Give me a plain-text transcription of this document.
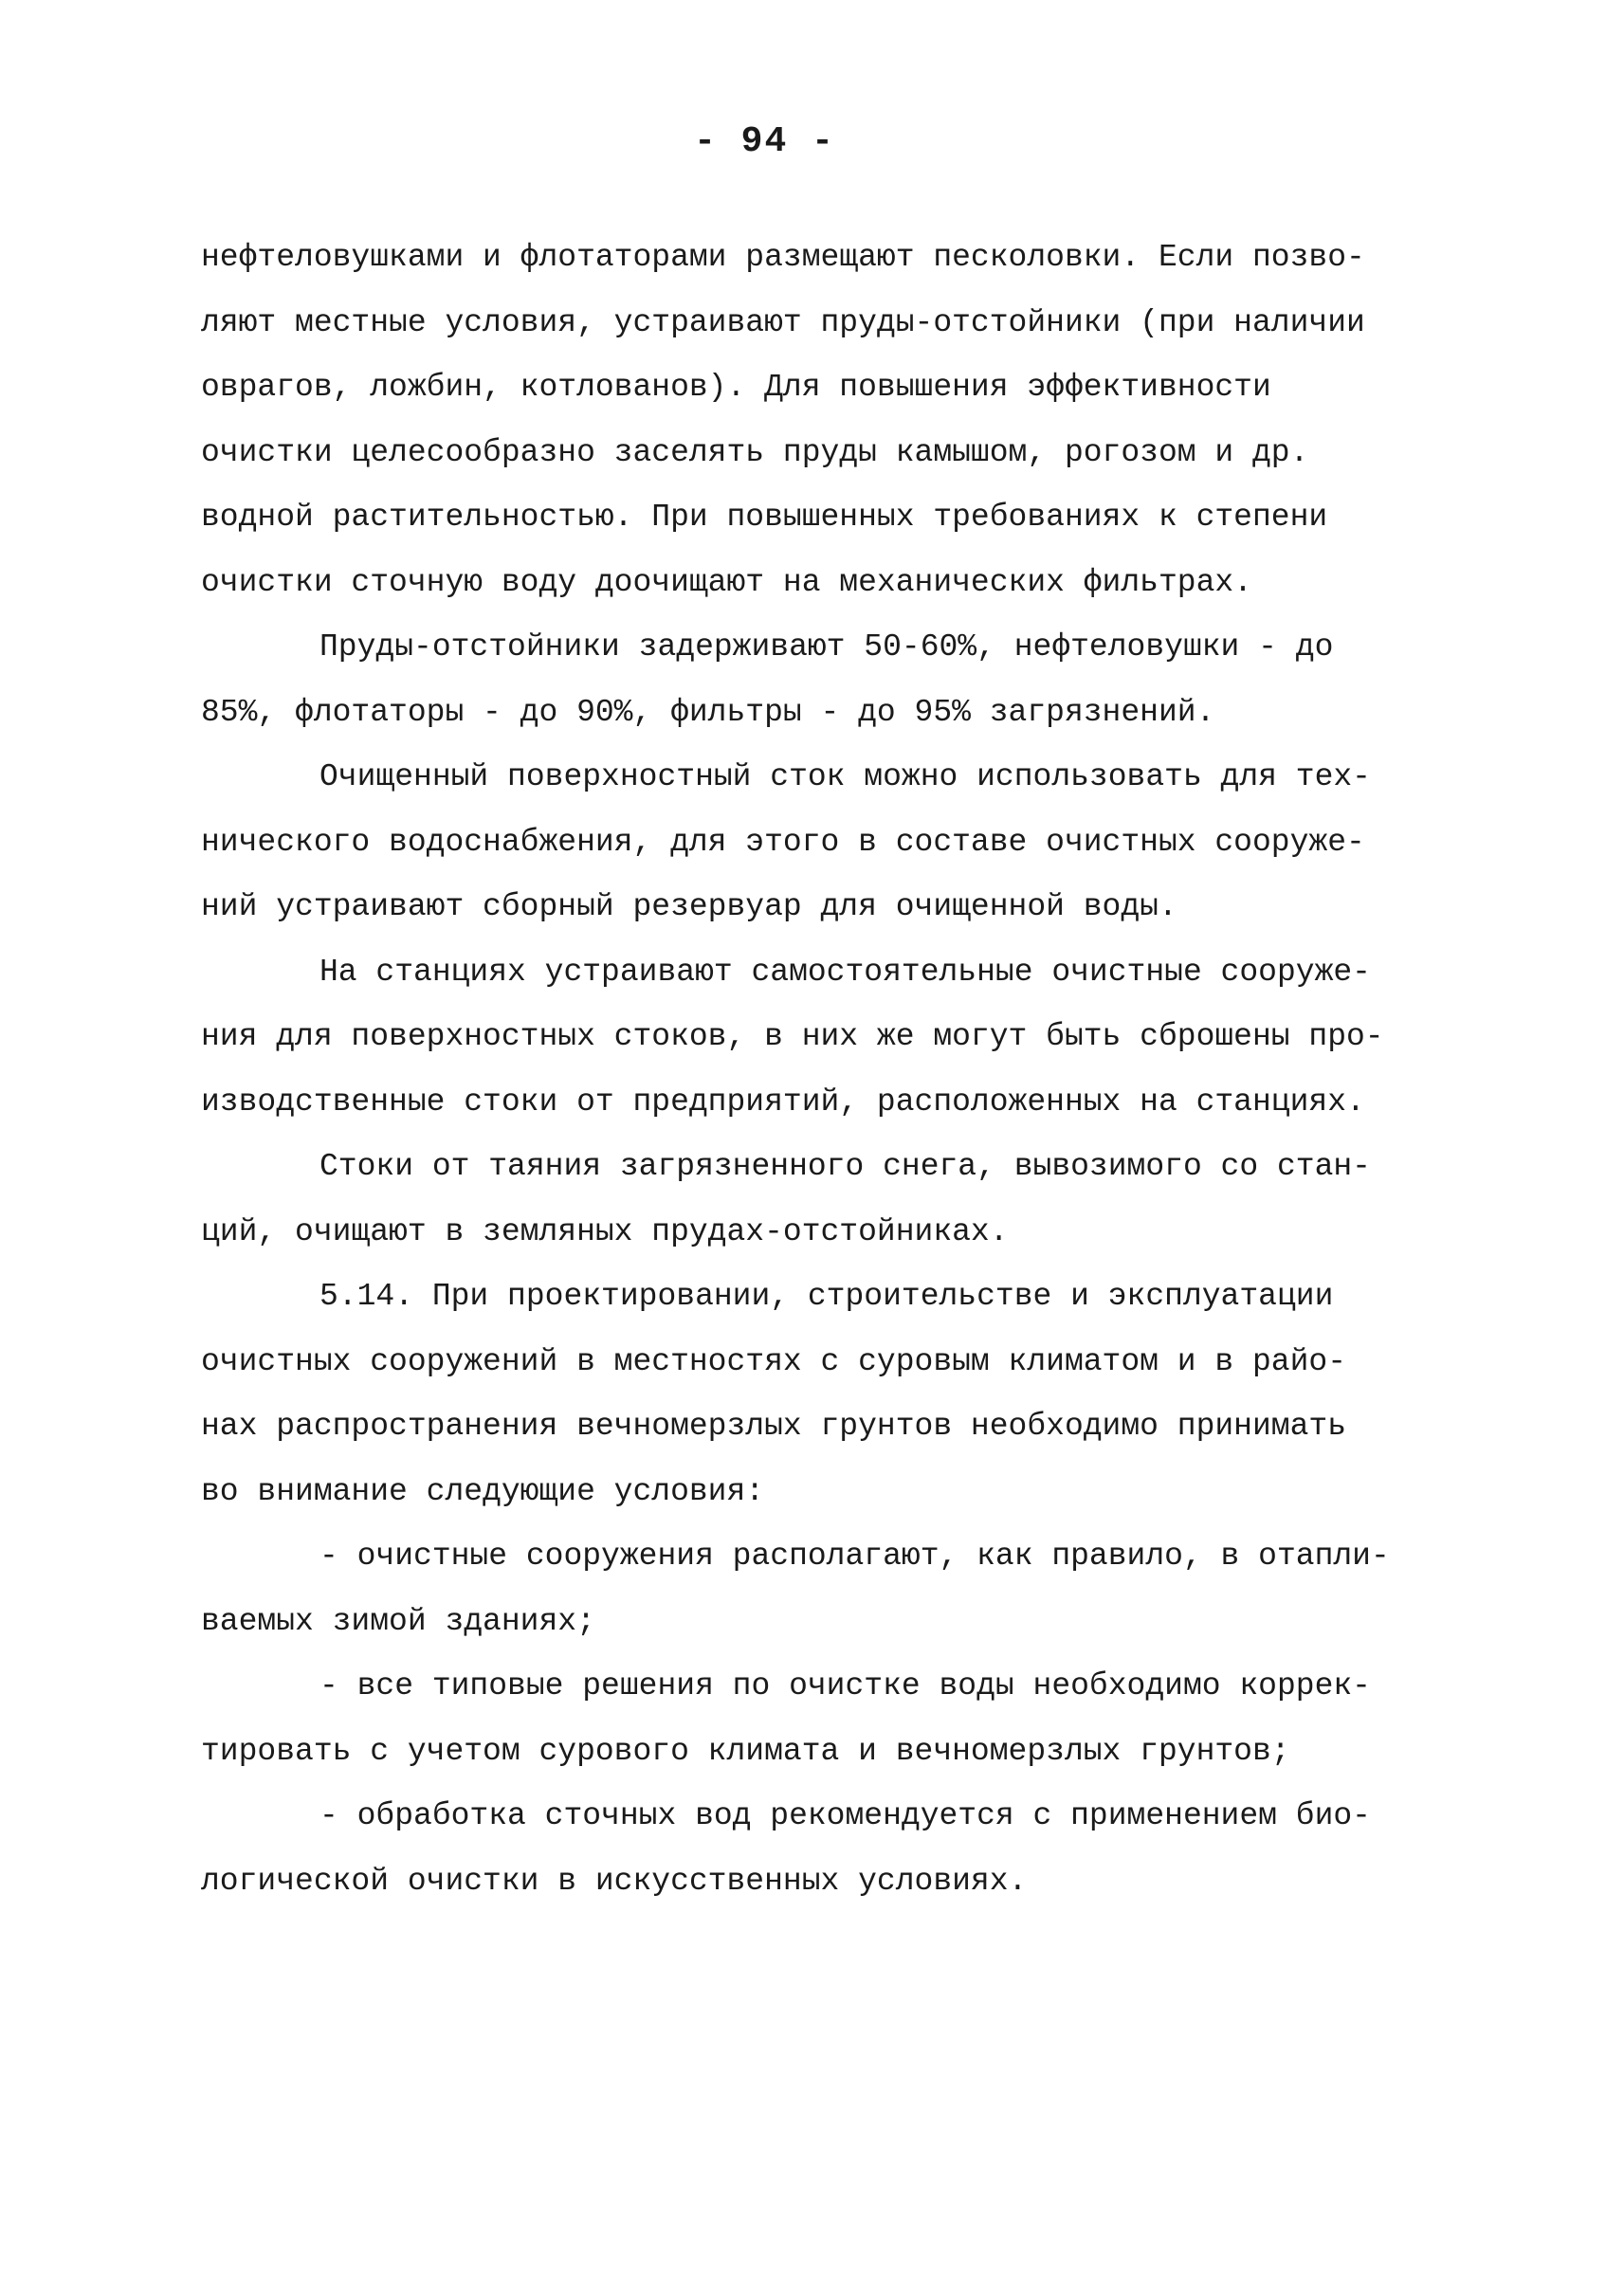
- 94 -
нефтеловушками и флотаторами размещают песколовки. Если позво-
ляют местные условия, устраивают пруды-отстойники (при наличии
оврагов, ложбин, котлованов). Для повышения эффективности
очистки целесообразно заселять пруды камышом, рогозом и др.
водной растительностью. При повышенных требованиях к степени
очистки сточную воду доочищают на механических фильтрах.
Пруды-отстойники задерживают 50-60%, нефтеловушки - до
85%, флотаторы - до 90%, фильтры - до 95% загрязнений.
Очищенный поверхностный сток можно использовать для тех-
нического водоснабжения, для этого в составе очистных сооруже-
ний устраивают сборный резервуар для очищенной воды.
На станциях устраивают самостоятельные очистные сооруже-
ния для поверхностных стоков, в них же могут быть сброшены про-
изводственные стоки от предприятий, расположенных на станциях.
Стоки от таяния загрязненного снега, вывозимого со стан-
ций, очищают в земляных прудах-отстойниках.
5.14. При проектировании, строительстве и эксплуатации
очистных сооружений в местностях с суровым климатом и в райо-
нах распространения вечномерзлых грунтов необходимо принимать
во внимание следующие условия:
- очистные сооружения располагают, как правило, в отапли-
ваемых зимой зданиях;
- все типовые решения по очистке воды необходимо коррек-
тировать с учетом сурового климата и вечномерзлых грунтов;
- обработка сточных вод рекомендуется с применением био-
логической очистки в искусственных условиях.
